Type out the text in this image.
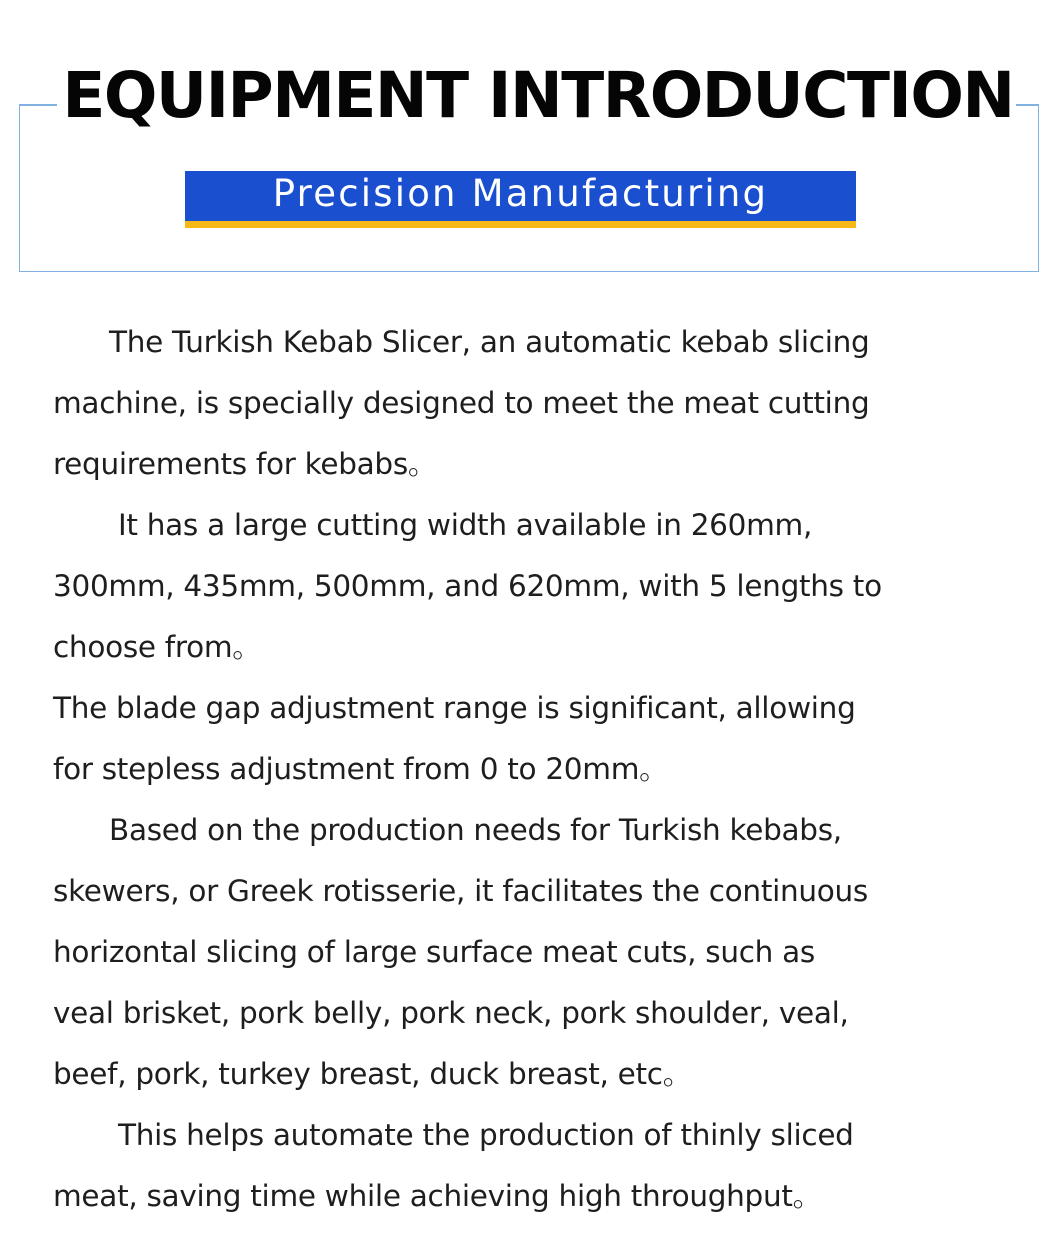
EQUIPMENT INTRODUCTION
Precision Manufacturing
The Turkish Kebab Slicer, an automatic kebab slicing
machine, is specially designed to meet the meat cutting
requirements for kebabs。
It has a large cutting width available in 260mm,
300mm, 435mm, 500mm, and 620mm, with 5 lengths to
choose from。
The blade gap adjustment range is significant, allowing
for stepless adjustment from 0 to 20mm。
Based on the production needs for Turkish kebabs,
skewers, or Greek rotisserie, it facilitates the continuous
horizontal slicing of large surface meat cuts, such as
veal brisket, pork belly, pork neck, pork shoulder, veal,
beef, pork, turkey breast, duck breast, etc。
This helps automate the production of thinly sliced
meat, saving time while achieving high throughput。
